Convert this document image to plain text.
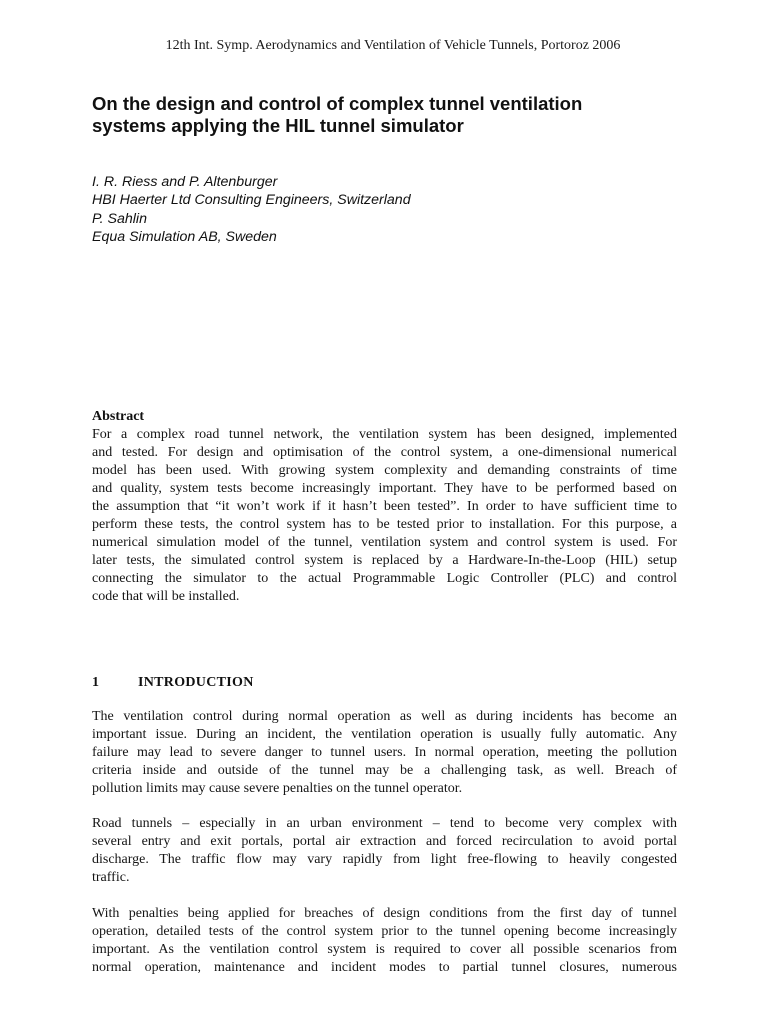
12th Int. Symp. Aerodynamics and Ventilation of Vehicle Tunnels, Portoroz 2006
On the design and control of complex tunnel ventilation
systems applying the HIL tunnel simulator
I. R. Riess and P. Altenburger
HBI Haerter Ltd Consulting Engineers, Switzerland
P. Sahlin
Equa Simulation AB, Sweden
Abstract
For a complex road tunnel network, the ventilation system has been designed, implemented
and tested. For design and optimisation of the control system, a one-dimensional numerical
model has been used. With growing system complexity and demanding constraints of time
and quality, system tests become increasingly important. They have to be performed based on
the assumption that “it won’t work if it hasn’t been tested”. In order to have sufficient time to
perform these tests, the control system has to be tested prior to installation. For this purpose, a
numerical simulation model of the tunnel, ventilation system and control system is used. For
later tests, the simulated control system is replaced by a Hardware-In-the-Loop (HIL) setup
connecting the simulator to the actual Programmable Logic Controller (PLC) and control
code that will be installed.
1	INTRODUCTION
The ventilation control during normal operation as well as during incidents has become an
important issue. During an incident, the ventilation operation is usually fully automatic. Any
failure may lead to severe danger to tunnel users. In normal operation, meeting the pollution
criteria inside and outside of the tunnel may be a challenging task, as well. Breach of
pollution limits may cause severe penalties on the tunnel operator.
Road tunnels – especially in an urban environment – tend to become very complex with
several entry and exit portals, portal air extraction and forced recirculation to avoid portal
discharge. The traffic flow may vary rapidly from light free-flowing to heavily congested
traffic.
With penalties being applied for breaches of design conditions from the first day of tunnel
operation, detailed tests of the control system prior to the tunnel opening become increasingly
important. As the ventilation control system is required to cover all possible scenarios from
normal operation, maintenance and incident modes to partial tunnel closures, numerous
